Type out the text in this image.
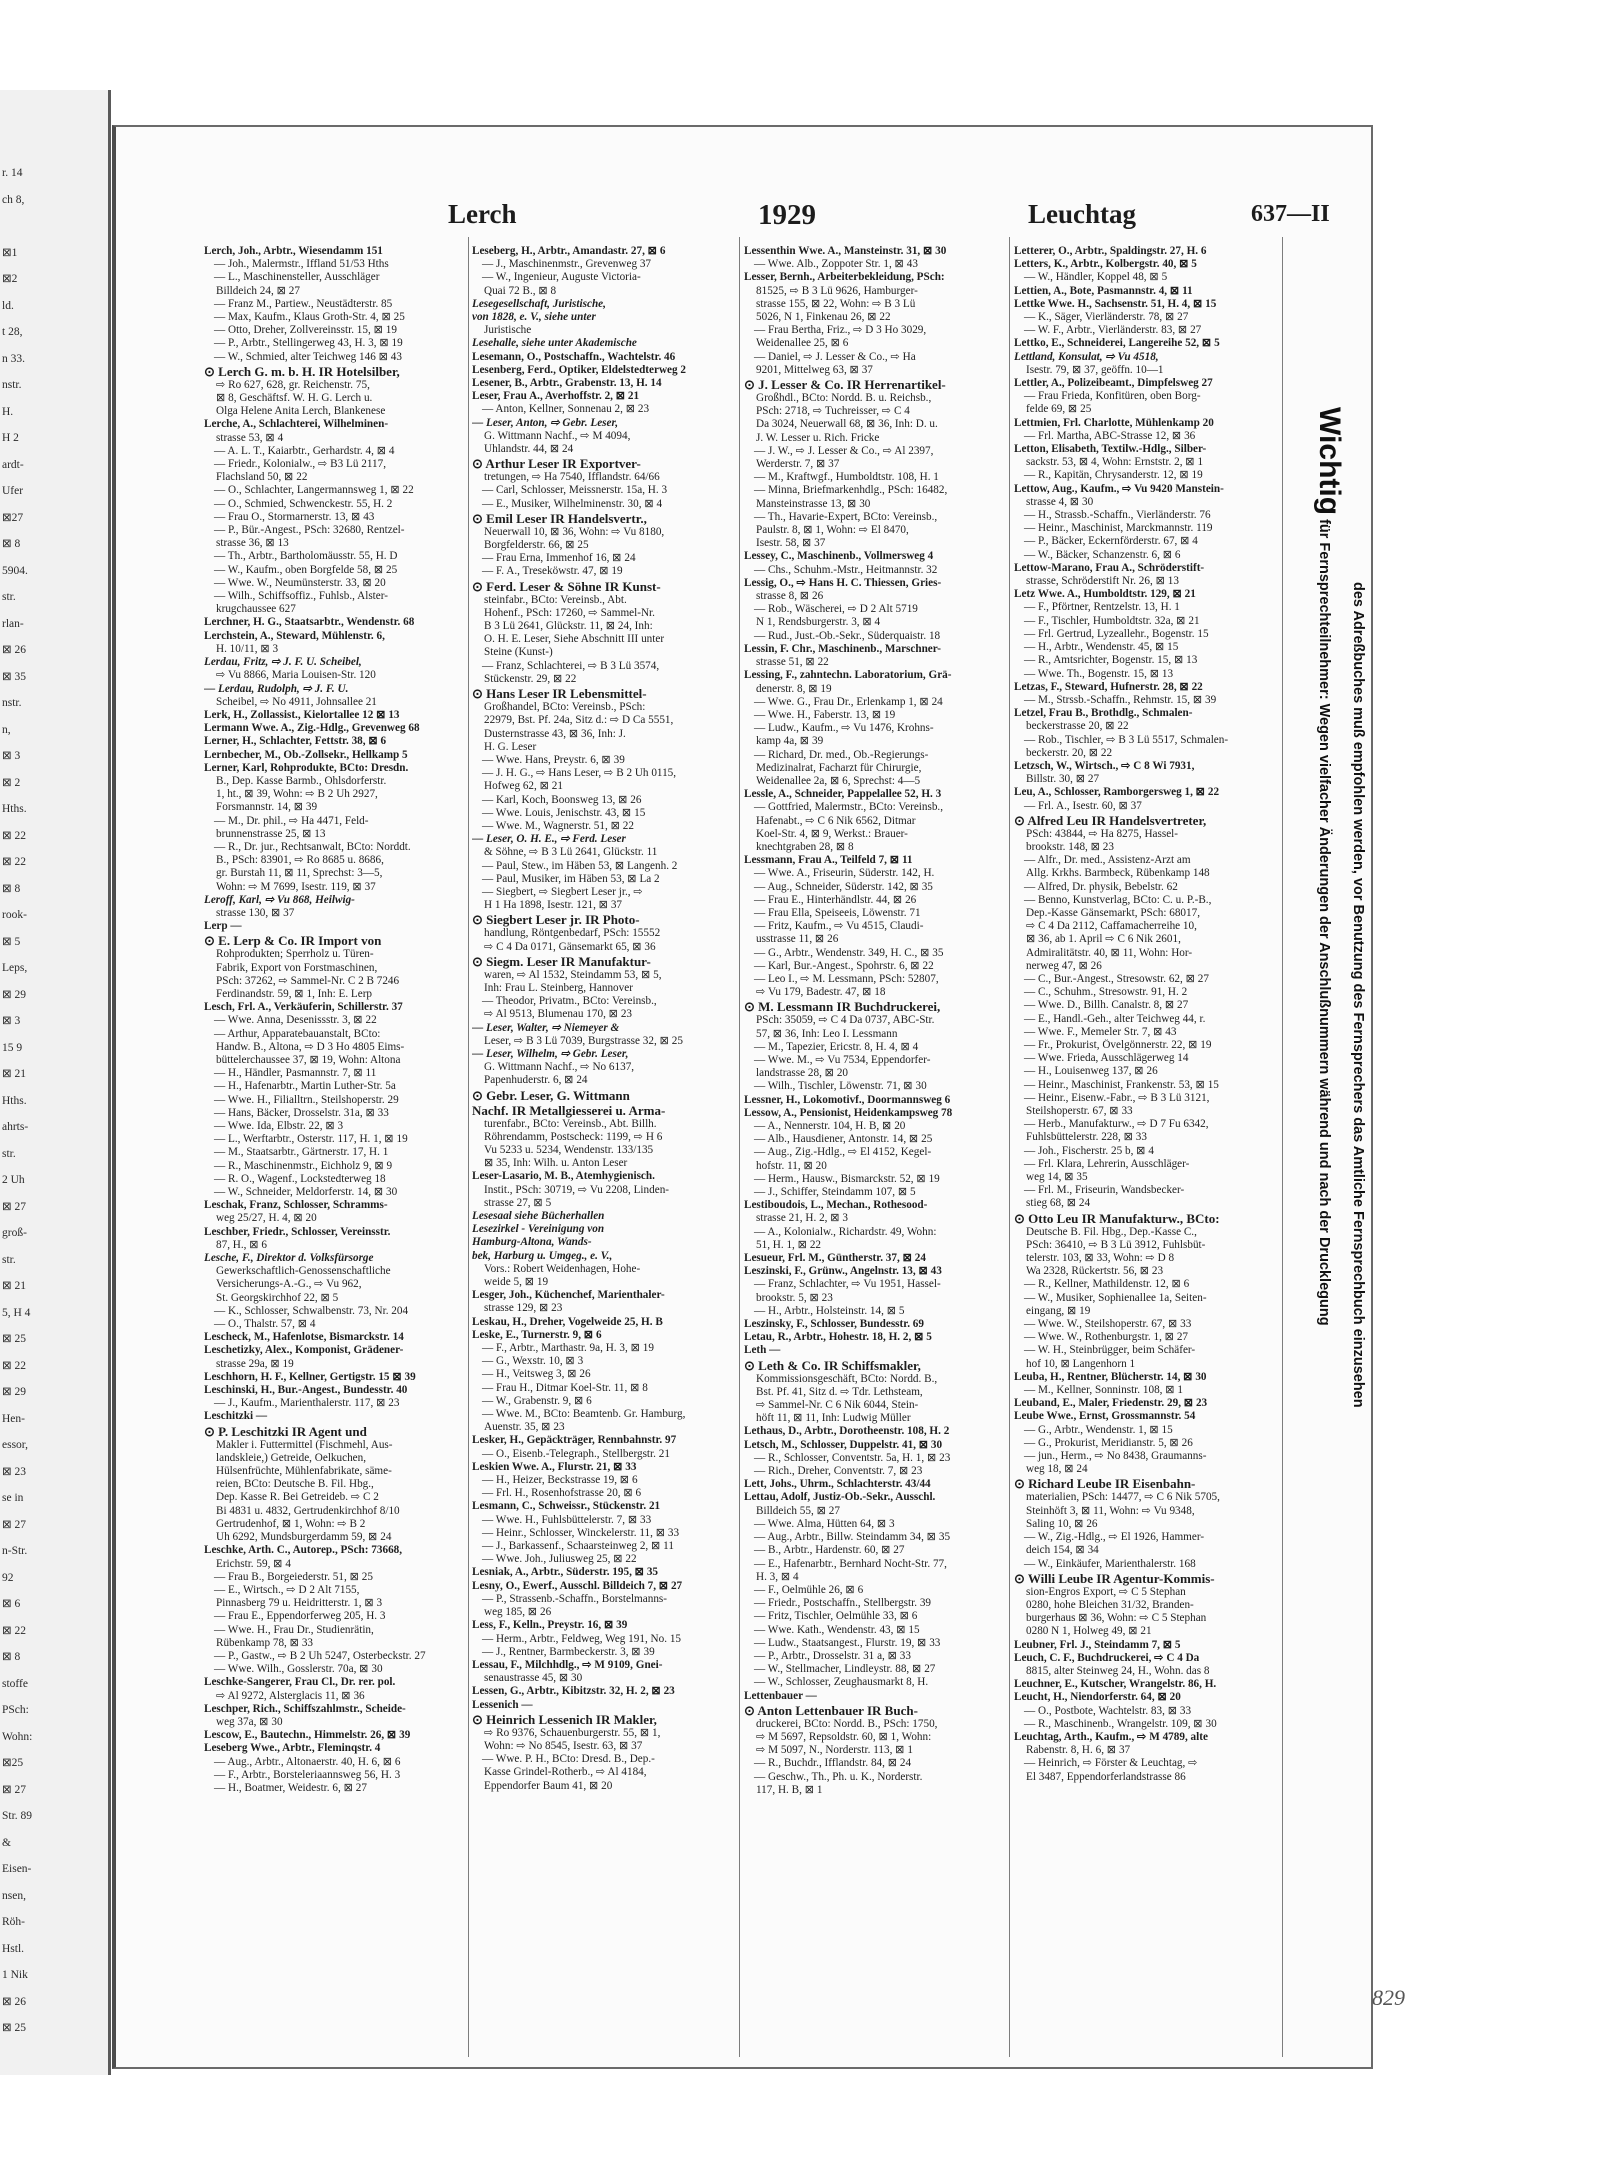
r. 14
ch 8,
⊠1
⊠2
ld.
t 28,
n 33.
nstr.
H.
H 2
ardt-
Ufer
⊠27
⊠ 8
5904.
str.
rlan-
⊠ 26
⊠ 35
nstr.
n,
⊠ 3
⊠ 2
Hths.
⊠ 22
⊠ 22
⊠ 8
rook-
⊠ 5
Leps,
⊠ 29
⊠ 3
15 9
⊠ 21
Hths.
ahrts-
str.
2 Uh
⊠ 27
groß-
str.
⊠ 21
5, H 4
⊠ 25
⊠ 22
⊠ 29
Hen-
essor,
⊠ 23
se in
⊠ 27
n-Str.
92
⊠ 6
⊠ 22
⊠ 8
stoffe
PSch:
Wohn:
⊠25
⊠ 27
Str. 89
&
Eisen-
nsen,
Röh-
Hstl.
1 Nik
⊠ 26
⊠ 25
Lerch	1929	Leuchtag	637—II
Lerch, Joh., Arbtr., Wiesendamm 151
— Joh., Malermstr., Iffland 51/53 Hths
— L., Maschinensteller, Ausschläger
Billdeich 24, ⊠ 27
— Franz M., Partiew., Neustädterstr. 85
— Max, Kaufm., Klaus Groth-Str. 4, ⊠ 25
— Otto, Dreher, Zollvereinsstr. 15, ⊠ 19
— P., Arbtr., Stellingerweg 43, H. 3, ⊠ 19
— W., Schmied, alter Teichweg 146 ⊠ 43
⊙ Lerch G. m. b. H. IR Hotelsilber,
⇨ Ro 627, 628, gr. Reichenstr. 75,
⊠ 8, Geschäftsf. W. H. G. Lerch u.
Olga Helene Anita Lerch, Blankenese
Lerche, A., Schlachterei, Wilhelminen-
strasse 53, ⊠ 4
— A. L. T., Kaiarbtr., Gerhardstr. 4, ⊠ 4
— Friedr., Kolonialw., ⇨ B3 Lü 2117,
Flachsland 50, ⊠ 22
— O., Schlachter, Langermannsweg 1, ⊠ 22
— O., Schmied, Schwenckestr. 55, H. 2
— Frau O., Stormarnerstr. 13, ⊠ 43
— P., Bür.-Angest., PSch: 32680, Rentzel-
strasse 36, ⊠ 13
— Th., Arbtr., Bartholomäusstr. 55, H. D
— W., Kaufm., oben Borgfelde 58, ⊠ 25
— Wwe. W., Neumünsterstr. 33, ⊠ 20
— Wilh., Schiffsoffiz., Fuhlsb., Alster-
krugchaussee 627
Lerchner, H. G., Staatsarbtr., Wendenstr. 68
Lerchstein, A., Steward, Mühlenstr. 6,
H. 10/11, ⊠ 3
Lerdau, Fritz, ⇨ J. F. U. Scheibel,
⇨ Vu 8866, Maria Louisen-Str. 120
— Lerdau, Rudolph, ⇨ J. F. U.
Scheibel, ⇨ No 4911, Johnsallee 21
Lerk, H., Zollassist., Kielortallee 12 ⊠ 13
Lermann Wwe. A., Zig.-Hdlg., Grevenweg 68
Lerner, H., Schlachter, Fettstr. 38, ⊠ 6
Lernbecher, M., Ob.-Zollsekr., Hellkamp 5
Lerner, Karl, Rohprodukte, BCto: Dresdn.
B., Dep. Kasse Barmb., Ohlsdorferstr.
1, ht., ⊠ 39, Wohn: ⇨ B 2 Uh 2927,
Forsmannstr. 14, ⊠ 39
— M., Dr. phil., ⇨ Ha 4471, Feld-
brunnenstrasse 25, ⊠ 13
— R., Dr. jur., Rechtsanwalt, BCto: Norddt.
B., PSch: 83901, ⇨ Ro 8685 u. 8686,
gr. Burstah 11, ⊠ 11, Sprechst: 3—5,
Wohn: ⇨ M 7699, Isestr. 119, ⊠ 37
Leroff, Karl, ⇨ Vu 868, Heilwig-
strasse 130, ⊠ 37
Lerp —
⊙ E. Lerp & Co. IR Import von
Rohprodukten; Sperrholz u. Türen-
Fabrik, Export von Forstmaschinen,
PSch: 37262, ⇨ Sammel-Nr. C 2 B 7246
Ferdinandstr. 59, ⊠ 1, Inh: E. Lerp
Lesch, Frl. A., Verkäuferin, Schillerstr. 37
— Wwe. Anna, Desenissstr. 3, ⊠ 22
— Arthur, Apparatebauanstalt, BCto:
Handw. B., Altona, ⇨ D 3 Ho 4805 Eims-
büttelerchaussee 37, ⊠ 19, Wohn: Altona
— H., Händler, Pasmannstr. 7, ⊠ 11
— H., Hafenarbtr., Martin Luther-Str. 5a
— Wwe. H., Filialltrn., Steilshoperstr. 29
— Hans, Bäcker, Drosselstr. 31a, ⊠ 33
— Wwe. Ida, Elbstr. 22, ⊠ 3
— L., Werftarbtr., Osterstr. 117, H. 1, ⊠ 19
— M., Staatsarbtr., Gärtnerstr. 17, H. 1
— R., Maschinenmstr., Eichholz 9, ⊠ 9
— R. O., Wagenf., Lockstedterweg 18
— W., Schneider, Meldorferstr. 14, ⊠ 30
Leschak, Franz, Schlosser, Schramms-
weg 25/27, H. 4, ⊠ 20
Leschber, Friedr., Schlosser, Vereinsstr.
87, H., ⊠ 6
Lesche, F., Direktor d. Volksfürsorge
Gewerkschaftlich-Genossenschaftliche
Versicherungs-A.-G., ⇨ Vu 962,
St. Georgskirchhof 22, ⊠ 5
— K., Schlosser, Schwalbenstr. 73, Nr. 204
— O., Thalstr. 57, ⊠ 4
Lescheck, M., Hafenlotse, Bismarckstr. 14
Leschetizky, Alex., Komponist, Grädener-
strasse 29a, ⊠ 19
Leschhorn, H. F., Kellner, Gertigstr. 15 ⊠ 39
Leschinski, H., Bur.-Angest., Bundesstr. 40
— J., Kaufm., Marienthalerstr. 117, ⊠ 23
Leschitzki —
⊙ P. Leschitzki IR Agent und
Makler i. Futtermittel (Fischmehl, Aus-
landskleie,) Getreide, Oelkuchen,
Hülsenfrüchte, Mühlenfabrikate, säme-
reien, BCto: Deutsche B. Fil. Hbg.,
Dep. Kasse R. Bei Getreideb. ⇨ C 2
Bi 4831 u. 4832, Gertrudenkirchhof 8/10
Gertrudenhof, ⊠ 1, Wohn: ⇨ B 2
Uh 6292, Mundsburgerdamm 59, ⊠ 24
Leschke, Arth. C., Autorep., PSch: 73668,
Erichstr. 59, ⊠ 4
— Frau B., Borgeiederstr. 51, ⊠ 25
— E., Wirtsch., ⇨ D 2 Alt 7155,
Pinnasberg 79 u. Heidritterstr. 1, ⊠ 3
— Frau E., Eppendorferweg 205, H. 3
— Wwe. H., Frau Dr., Studienrätin,
Rübenkamp 78, ⊠ 33
— P., Gastw., ⇨ B 2 Uh 5247, Osterbeckstr. 27
— Wwe. Wilh., Gosslerstr. 70a, ⊠ 30
Leschke-Sangerer, Frau Cl., Dr. rer. pol.
⇨ Al 9272, Alsterglacis 11, ⊠ 36
Leschper, Rich., Schiffszahlmstr., Scheide-
weg 37a, ⊠ 30
Lescow, E., Bautechn., Himmelstr. 26, ⊠ 39
Leseberg Wwe., Arbtr., Fleminqstr. 4
— Aug., Arbtr., Altonaerstr. 40, H. 6, ⊠ 6
— F., Arbtr., Borsteleriaannsweg 56, H. 3
— H., Boatmer, Weidestr. 6, ⊠ 27
Leseberg, H., Arbtr., Amandastr. 27, ⊠ 6
— J., Maschinenmstr., Grevenweg 37
— W., Ingenieur, Auguste Victoria-
Quai 72 B., ⊠ 8
Lesegesellschaft, Juristische,
von 1828, e. V., siehe unter
Juristische
Lesehalle, siehe unter Akademische
Lesemann, O., Postschaffn., Wachtelstr. 46
Lesenberg, Ferd., Optiker, Eldelstedterweg 2
Lesener, B., Arbtr., Grabenstr. 13, H. 14
Leser, Frau A., Averhoffstr. 2, ⊠ 21
— Anton, Kellner, Sonnenau 2, ⊠ 23
— Leser, Anton, ⇨ Gebr. Leser,
G. Wittmann Nachf., ⇨ M 4094,
Uhlandstr. 44, ⊠ 24
⊙ Arthur Leser IR Exportver-
tretungen, ⇨ Ha 7540, Ifflandstr. 64/66
— Carl, Schlosser, Meissnerstr. 15a, H. 3
— E., Musiker, Wilhelminenstr. 30, ⊠ 4
⊙ Emil Leser IR Handelsvertr.,
Neuerwall 10, ⊠ 36, Wohn: ⇨ Vu 8180,
Borgfelderstr. 66, ⊠ 25
— Frau Erna, Immenhof 16, ⊠ 24
— F. A., Treseköwstr. 47, ⊠ 19
⊙ Ferd. Leser & Söhne IR Kunst-
steinfabr., BCto: Vereinsb., Abt.
Hohenf., PSch: 17260, ⇨ Sammel-Nr.
B 3 Lü 2641, Glückstr. 11, ⊠ 24, Inh:
O. H. E. Leser, Siehe Abschnitt III unter
Steine (Kunst-)
— Franz, Schlachterei, ⇨ B 3 Lü 3574,
Stückenstr. 29, ⊠ 22
⊙ Hans Leser IR Lebensmittel-
Großhandel, BCto: Vereinsb., PSch:
22979, Bst. Pf. 24a, Sitz d.: ⇨ D Ca 5551,
Dusternstrasse 43, ⊠ 36, Inh: J.
H. G. Leser
— Wwe. Hans, Preystr. 6, ⊠ 39
— J. H. G., ⇨ Hans Leser, ⇨ B 2 Uh 0115,
Hofweg 62, ⊠ 21
— Karl, Koch, Boonsweg 13, ⊠ 26
— Wwe. Louis, Jenischstr. 43, ⊠ 15
— Wwe. M., Wagnerstr. 51, ⊠ 22
— Leser, O. H. E., ⇨ Ferd. Leser
& Söhne, ⇨ B 3 Lü 2641, Glückstr. 11
— Paul, Stew., im Häben 53, ⊠ Langenh. 2
— Paul, Musiker, im Häben 53, ⊠ La 2
— Siegbert, ⇨ Siegbert Leser jr., ⇨
H 1 Ha 1898, Isestr. 121, ⊠ 37
⊙ Siegbert Leser jr. IR Photo-
handlung, Röntgenbedarf, PSch: 15552
⇨ C 4 Da 0171, Gänsemarkt 65, ⊠ 36
⊙ Siegm. Leser IR Manufaktur-
waren, ⇨ Al 1532, Steindamm 53, ⊠ 5,
Inh: Frau L. Steinberg, Hannover
— Theodor, Privatm., BCto: Vereinsb.,
⇨ Al 9513, Blumenau 170, ⊠ 23
— Leser, Walter, ⇨ Niemeyer &
Leser, ⇨ B 3 Lü 7039, Burgstrasse 32, ⊠ 25
— Leser, Wilhelm, ⇨ Gebr. Leser,
G. Wittmann Nachf., ⇨ No 6137,
Papenhuderstr. 6, ⊠ 24
⊙ Gebr. Leser, G. Wittmann
Nachf. IR Metallgiesserei u. Arma-
turenfabr., BCto: Vereinsb., Abt. Billh.
Röhrendamm, Postscheck: 1199, ⇨ H 6
Vu 5233 u. 5234, Wendenstr. 133/135
⊠ 35, Inh: Wilh. u. Anton Leser
Leser-Lasario, M. B., Atemhygienisch.
Instit., PSch: 30719, ⇨ Vu 2208, Linden-
strasse 27, ⊠ 5
Lesesaal siehe Bücherhallen
Lesezirkel - Vereinigung von
Hamburg-Altona, Wands-
bek, Harburg u. Umgeg., e. V.,
Vors.: Robert Weidenhagen, Hohe-
weide 5, ⊠ 19
Lesger, Joh., Küchenchef, Marienthaler-
strasse 129, ⊠ 23
Leskau, H., Dreher, Vogelweide 25, H. B
Leske, E., Turnerstr. 9, ⊠ 6
— F., Arbtr., Marthastr. 9a, H. 3, ⊠ 19
— G., Wexstr. 10, ⊠ 3
— H., Veitsweg 3, ⊠ 26
— Frau H., Ditmar Koel-Str. 11, ⊠ 8
— W., Grabenstr. 9, ⊠ 6
— Wwe. M., BCto: Beamtenb. Gr. Hamburg,
Auenstr. 35, ⊠ 23
Lesker, H., Gepäckträger, Rennbahnstr. 97
— O., Eisenb.-Telegraph., Stellbergstr. 21
Leskien Wwe. A., Flurstr. 21, ⊠ 33
— H., Heizer, Beckstrasse 19, ⊠ 6
— Frl. H., Rosenhofstrasse 20, ⊠ 6
Lesmann, C., Schweissr., Stückenstr. 21
— Wwe. H., Fuhlsbüttelerstr. 7, ⊠ 33
— Heinr., Schlosser, Winckelerstr. 11, ⊠ 33
— J., Barkassenf., Schaarsteinweg 2, ⊠ 11
— Wwe. Joh., Juliusweg 25, ⊠ 22
Lesniak, A., Arbtr., Süderstr. 195, ⊠ 35
Lesny, O., Ewerf., Ausschl. Billdeich 7, ⊠ 27
— P., Strassenb.-Schaffn., Borstelmanns-
weg 185, ⊠ 26
Less, F., Kelln., Preystr. 16, ⊠ 39
— Herm., Arbtr., Feldweg, Weg 191, No. 15
— J., Rentner, Barmbeckerstr. 3, ⊠ 39
Lessau, F., Milchhdlg., ⇨ M 9109, Gnei-
senaustrasse 45, ⊠ 30
Lessen, G., Arbtr., Kibitzstr. 32, H. 2, ⊠ 23
Lessenich —
⊙ Heinrich Lessenich IR Makler,
⇨ Ro 9376, Schauenburgerstr. 55, ⊠ 1,
Wohn: ⇨ No 8545, Isestr. 63, ⊠ 37
— Wwe. P. H., BCto: Dresd. B., Dep.-
Kasse Grindel-Rotherb., ⇨ Al 4184,
Eppendorfer Baum 41, ⊠ 20
Lessenthin Wwe. A., Mansteinstr. 31, ⊠ 30
— Wwe. Alb., Zoppoter Str. 1, ⊠ 43
Lesser, Bernh., Arbeiterbekleidung, PSch:
81525, ⇨ B 3 Lü 9626, Hamburger-
strasse 155, ⊠ 22, Wohn: ⇨ B 3 Lü
5026, N 1, Finkenau 26, ⊠ 22
— Frau Bertha, Friz., ⇨ D 3 Ho 3029,
Weidenallee 25, ⊠ 6
— Daniel, ⇨ J. Lesser & Co., ⇨ Ha
9201, Mittelweg 63, ⊠ 37
⊙ J. Lesser & Co. IR Herrenartikel-
Großhdl., BCto: Nordd. B. u. Reichsb.,
PSch: 2718, ⇨ Tuchreisser, ⇨ C 4
Da 3024, Neuerwall 68, ⊠ 36, Inh: D. u.
J. W. Lesser u. Rich. Fricke
— J. W., ⇨ J. Lesser & Co., ⇨ Al 2397,
Werderstr. 7, ⊠ 37
— M., Kraftwgf., Humboldtstr. 108, H. 1
— Minna, Briefmarkenhdlg., PSch: 16482,
Mansteinstrasse 13, ⊠ 30
— Th., Havarie-Expert, BCto: Vereinsb.,
Paulstr. 8, ⊠ 1, Wohn: ⇨ El 8470,
Isestr. 58, ⊠ 37
Lessey, C., Maschinenb., Vollmersweg 4
— Chs., Schuhm.-Mstr., Heitmannstr. 32
Lessig, O., ⇨ Hans H. C. Thiessen, Gries-
strasse 8, ⊠ 26
— Rob., Wäscherei, ⇨ D 2 Alt 5719
N 1, Rendsburgerstr. 3, ⊠ 4
— Rud., Just.-Ob.-Sekr., Süderquaistr. 18
Lessin, F. Chr., Maschinenb., Marschner-
strasse 51, ⊠ 22
Lessing, F., zahntechn. Laboratorium, Grä-
denerstr. 8, ⊠ 19
— Wwe. G., Frau Dr., Erlenkamp 1, ⊠ 24
— Wwe. H., Faberstr. 13, ⊠ 19
— Ludw., Kaufm., ⇨ Vu 1476, Krohns-
kamp 4a, ⊠ 39
— Richard, Dr. med., Ob.-Regierungs-
Medizinalrat, Facharzt für Chirurgie,
Weidenallee 2a, ⊠ 6, Sprechst: 4—5
Lessle, A., Schneider, Pappelallee 52, H. 3
— Gottfried, Malermstr., BCto: Vereinsb.,
Hafenabt., ⇨ C 6 Nik 6562, Ditmar
Koel-Str. 4, ⊠ 9, Werkst.: Brauer-
knechtgraben 28, ⊠ 8
Lessmann, Frau A., Teilfeld 7, ⊠ 11
— Wwe. A., Friseurin, Süderstr. 142, H.
— Aug., Schneider, Süderstr. 142, ⊠ 35
— Frau E., Hinterhändlstr. 44, ⊠ 26
— Frau Ella, Speiseeis, Löwenstr. 71
— Fritz, Kaufm., ⇨ Vu 4515, Claudi-
usstrasse 11, ⊠ 26
— G., Arbtr., Wendenstr. 349, H. C., ⊠ 35
— Karl, Bur.-Angest., Spohrstr. 6, ⊠ 22
— Leo I., ⇨ M. Lessmann, PSch: 52807,
⇨ Vu 179, Badestr. 47, ⊠ 18
⊙ M. Lessmann IR Buchdruckerei,
PSch: 35059, ⇨ C 4 Da 0737, ABC-Str.
57, ⊠ 36, Inh: Leo I. Lessmann
— M., Tapezier, Ericstr. 8, H. 4, ⊠ 4
— Wwe. M., ⇨ Vu 7534, Eppendorfer-
landstrasse 28, ⊠ 20
— Wilh., Tischler, Löwenstr. 71, ⊠ 30
Lessner, H., Lokomotivf., Doormannsweg 6
Lessow, A., Pensionist, Heidenkampsweg 78
— A., Nennerstr. 104, H. B, ⊠ 20
— Alb., Hausdiener, Antonstr. 14, ⊠ 25
— Aug., Zig.-Hdlg., ⇨ El 4152, Kegel-
hofstr. 11, ⊠ 20
— Herm., Hausw., Bismarckstr. 52, ⊠ 19
— J., Schiffer, Steindamm 107, ⊠ 5
Lestiboudois, L., Mechan., Rothesood-
strasse 21, H. 2, ⊠ 3
— A., Kolonialw., Richardstr. 49, Wohn:
51, H. 1, ⊠ 22
Lesueur, Frl. M., Güntherstr. 37, ⊠ 24
Leszinski, F., Grünw., Angelnstr. 13, ⊠ 43
— Franz, Schlachter, ⇨ Vu 1951, Hassel-
brookstr. 5, ⊠ 23
— H., Arbtr., Holsteinstr. 14, ⊠ 5
Leszinsky, F., Schlosser, Bundesstr. 69
Letau, R., Arbtr., Hohestr. 18, H. 2, ⊠ 5
Leth —
⊙ Leth & Co. IR Schiffsmakler,
Kommissionsgeschäft, BCto: Nordd. B.,
Bst. Pf. 41, Sitz d. ⇨ Tdr. Lethsteam,
⇨ Sammel-Nr. C 6 Nik 6044, Stein-
höft 11, ⊠ 11, Inh: Ludwig Müller
Lethaus, D., Arbtr., Dorotheenstr. 108, H. 2
Letsch, M., Schlosser, Duppelstr. 41, ⊠ 30
— R., Schlosser, Conventstr. 5a, H. 1, ⊠ 23
— Rich., Dreher, Conventstr. 7, ⊠ 23
Lett, Johs., Uhrm., Schlachterstr. 43/44
Lettau, Adolf, Justiz-Ob.-Sekr., Ausschl.
Billdeich 55, ⊠ 27
— Wwe. Alma, Hütten 64, ⊠ 3
— Aug., Arbtr., Billw. Steindamm 34, ⊠ 35
— B., Arbtr., Hardenstr. 60, ⊠ 27
— E., Hafenarbtr., Bernhard Nocht-Str. 77,
H. 3, ⊠ 4
— F., Oelmühle 26, ⊠ 6
— Friedr., Postschaffn., Stellbergstr. 39
— Fritz, Tischler, Oelmühle 33, ⊠ 6
— Wwe. Kath., Wendenstr. 43, ⊠ 15
— Ludw., Staatsangest., Flurstr. 19, ⊠ 33
— P., Arbtr., Drosselstr. 31 a, ⊠ 33
— W., Stellmacher, Lindleystr. 88, ⊠ 27
— W., Schlosser, Zeughausmarkt 8, H.
Lettenbauer —
⊙ Anton Lettenbauer IR Buch-
druckerei, BCto: Nordd. B., PSch: 1750,
⇨ M 5697, Repsoldstr. 60, ⊠ 1, Wohn:
⇨ M 5097, N., Norderstr. 113, ⊠ 1
— R., Buchdr., Ifflandstr. 84, ⊠ 24
— Geschw., Th., Ph. u. K., Norderstr.
117, H. B, ⊠ 1
Letterer, O., Arbtr., Spaldingstr. 27, H. 6
Letters, K., Arbtr., Kolbergstr. 40, ⊠ 5
— W., Händler, Koppel 48, ⊠ 5
Lettien, A., Bote, Pasmannstr. 4, ⊠ 11
Lettke Wwe. H., Sachsenstr. 51, H. 4, ⊠ 15
— K., Säger, Vierländerstr. 78, ⊠ 27
— W. F., Arbtr., Vierländerstr. 83, ⊠ 27
Lettko, E., Schneiderei, Langereihe 52, ⊠ 5
Lettland, Konsulat, ⇨ Vu 4518,
Isestr. 79, ⊠ 37, geöffn. 10—1
Lettler, A., Polizeibeamt., Dimpfelsweg 27
— Frau Frieda, Konfitüren, oben Borg-
felde 69, ⊠ 25
Lettmien, Frl. Charlotte, Mühlenkamp 20
— Frl. Martha, ABC-Strasse 12, ⊠ 36
Letton, Elisabeth, Textilw.-Hdlg., Silber-
sackstr. 53, ⊠ 4, Wohn: Ernststr. 2, ⊠ 1
— R., Kapitän, Chrysanderstr. 12, ⊠ 19
Lettow, Aug., Kaufm., ⇨ Vu 9420 Manstein-
strasse 4, ⊠ 30
— H., Strassb.-Schaffn., Vierländerstr. 76
— Heinr., Maschinist, Marckmannstr. 119
— P., Bäcker, Eckernförderstr. 67, ⊠ 4
— W., Bäcker, Schanzenstr. 6, ⊠ 6
Lettow-Marano, Frau A., Schröderstift-
strasse, Schröderstift Nr. 26, ⊠ 13
Letz Wwe. A., Humboldtstr. 129, ⊠ 21
— F., Pförtner, Rentzelstr. 13, H. 1
— F., Tischler, Humboldtstr. 32a, ⊠ 21
— Frl. Gertrud, Lyzeallehr., Bogenstr. 15
— H., Arbtr., Wendenstr. 45, ⊠ 15
— R., Amtsrichter, Bogenstr. 15, ⊠ 13
— Wwe. Th., Bogenstr. 15, ⊠ 13
Letzas, F., Steward, Hufnerstr. 28, ⊠ 22
— M., Strssb.-Schaffn., Rehmstr. 15, ⊠ 39
Letzel, Frau B., Brothdlg., Schmalen-
beckerstrasse 20, ⊠ 22
— Rob., Tischler, ⇨ B 3 Lü 5517, Schmalen-
beckerstr. 20, ⊠ 22
Letzsch, W., Wirtsch., ⇨ C 8 Wi 7931,
Billstr. 30, ⊠ 27
Leu, A., Schlosser, Ramborgersweg 1, ⊠ 22
— Frl. A., Isestr. 60, ⊠ 37
⊙ Alfred Leu IR Handelsvertreter,
PSch: 43844, ⇨ Ha 8275, Hassel-
brookstr. 148, ⊠ 23
— Alfr., Dr. med., Assistenz-Arzt am
Allg. Krkhs. Barmbeck, Rübenkamp 148
— Alfred, Dr. physik, Bebelstr. 62
— Benno, Kunstverlag, BCto: C. u. P.-B.,
Dep.-Kasse Gänsemarkt, PSch: 68017,
⇨ C 4 Da 2112, Caffamacherreihe 10,
⊠ 36, ab 1. April ⇨ C 6 Nik 2601,
Admiralitätstr. 40, ⊠ 11, Wohn: Hor-
nerweg 47, ⊠ 26
— C., Bur.-Angest., Stresowstr. 62, ⊠ 27
— C., Schuhm., Stresowstr. 91, H. 2
— Wwe. D., Billh. Canalstr. 8, ⊠ 27
— E., Handl.-Geh., alter Teichweg 44, r.
— Wwe. F., Memeler Str. 7, ⊠ 43
— Fr., Prokurist, Övelgönnerstr. 22, ⊠ 19
— Wwe. Frieda, Ausschlägerweg 14
— H., Louisenweg 137, ⊠ 26
— Heinr., Maschinist, Frankenstr. 53, ⊠ 15
— Heinr., Eisenw.-Fabr., ⇨ B 3 Lü 3121,
Steilshoperstr. 67, ⊠ 33
— Herb., Manufakturw., ⇨ D 7 Fu 6342,
Fuhlsbüttelerstr. 228, ⊠ 33
— Joh., Fischerstr. 25 b, ⊠ 4
— Frl. Klara, Lehrerin, Ausschläger-
weg 14, ⊠ 35
— Frl. M., Friseurin, Wandsbecker-
stieg 68, ⊠ 24
⊙ Otto Leu IR Manufakturw., BCto:
Deutsche B. Fil. Hbg., Dep.-Kasse C.,
PSch: 36410, ⇨ B 3 Lü 3912, Fuhlsbüt-
telerstr. 103, ⊠ 33, Wohn: ⇨ D 8
Wa 2328, Rückertstr. 56, ⊠ 23
— R., Kellner, Mathildenstr. 12, ⊠ 6
— W., Musiker, Sophienallee 1a, Seiten-
eingang, ⊠ 19
— Wwe. W., Steilshoperstr. 67, ⊠ 33
— Wwe. W., Rothenburgstr. 1, ⊠ 27
— W. H., Steinbrügger, beim Schäfer-
hof 10, ⊠ Langenhorn 1
Leuba, H., Rentner, Blücherstr. 14, ⊠ 30
— M., Kellner, Sonninstr. 108, ⊠ 1
Leuband, E., Maler, Friedenstr. 29, ⊠ 23
Leube Wwe., Ernst, Grossmannstr. 54
— G., Arbtr., Wendenstr. 1, ⊠ 15
— G., Prokurist, Meridianstr. 5, ⊠ 26
— jun., Herm., ⇨ No 8438, Graumanns-
weg 18, ⊠ 24
⊙ Richard Leube IR Eisenbahn-
materialien, PSch: 14477, ⇨ C 6 Nik 5705,
Steinhöft 3, ⊠ 11, Wohn: ⇨ Vu 9348,
Saling 10, ⊠ 26
— W., Zig.-Hdlg., ⇨ El 1926, Hammer-
deich 154, ⊠ 34
— W., Einkäufer, Marienthalerstr. 168
⊙ Willi Leube IR Agentur-Kommis-
sion-Engros Export, ⇨ C 5 Stephan
0280, hohe Bleichen 31/32, Branden-
burgerhaus ⊠ 36, Wohn: ⇨ C 5 Stephan
0280 N 1, Holweg 49, ⊠ 21
Leubner, Frl. J., Steindamm 7, ⊠ 5
Leuch, C. F., Buchdruckerei, ⇨ C 4 Da
8815, alter Steinweg 24, H., Wohn. das 8
Leuchner, E., Kutscher, Wrangelstr. 86, H.
Leucht, H., Niendorferstr. 64, ⊠ 20
— O., Postbote, Wachtelstr. 83, ⊠ 33
— R., Maschinenb., Wrangelstr. 109, ⊠ 30
Leuchtag, Arth., Kaufm., ⇨ M 4789, alte
Rabenstr. 8, H. 6, ⊠ 37
— Heinrich, ⇨ Förster & Leuchtag, ⇨
El 3487, Eppendorferlandstrasse 86
Wichtig für Fernsprechteilnehmer: Wegen vielfacher Änderungen der Anschlußnummern während und nach der Drucklegung	des Adreßbuches muß empfohlen werden, vor Benutzung des Fernsprechers das Amtliche Fernsprechbuch einzusehen
829
